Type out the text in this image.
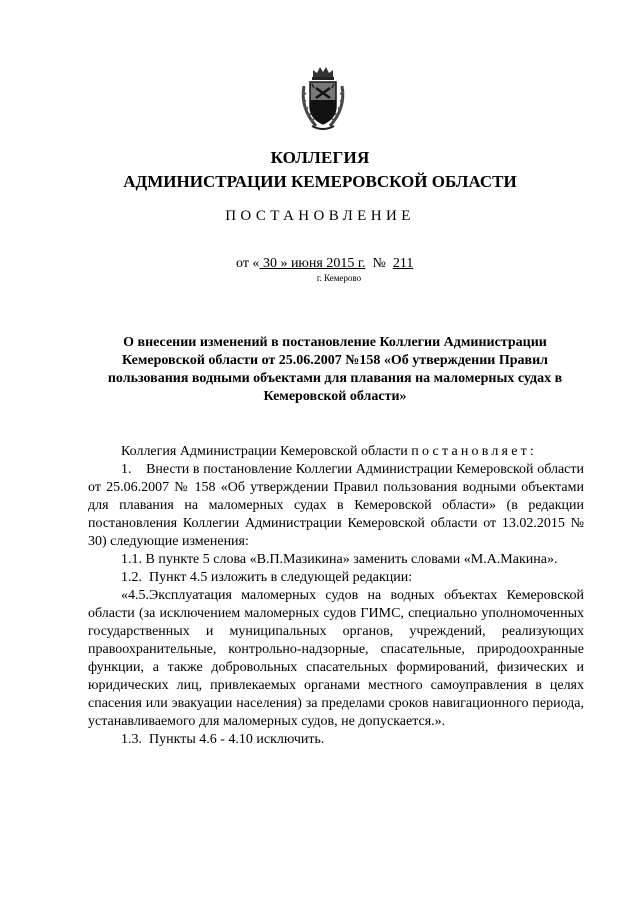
КОЛЛЕГИЯ
АДМИНИСТРАЦИИ КЕМЕРОВСКОЙ ОБЛАСТИ
ПОСТАНОВЛЕНИЕ
от « 30 » июня 2015 г.  №  211
г. Кемерово
О внесении изменений в постановление Коллегии Администрации Кемеровской области от 25.06.2007 №158 «Об утверждении Правил пользования водными объектами для плавания на маломерных судах в Кемеровской области»

Коллегия Администрации Кемеровской области постановляет:

1.    Внести в постановление Коллегии Администрации Кемеровской области от 25.06.2007 № 158 «Об утверждении Правил пользования водными объектами для плавания на маломерных судах в Кемеровской области» (в редакции постановления Коллегии Администрации Кемеровской области от 13.02.2015 № 30) следующие изменения:

1.1. В пункте 5 слова «В.П.Мазикина» заменить словами «М.А.Макина».

1.2.  Пункт 4.5 изложить в следующей редакции:

«4.5.Эксплуатация маломерных судов на водных объектах Кемеровской области (за исключением маломерных судов ГИМС, специально уполномоченных государственных и муниципальных органов, учреждений, реализующих правоохранительные, контрольно-надзорные, спасательные, природоохранные функции, а также добровольных спасательных формирований, физических и юридических лиц, привлекаемых органами местного самоуправления в целях спасения или эвакуации населения) за пределами сроков навигационного периода, устанавливаемого для маломерных судов, не допускается.».

1.3.  Пункты 4.6 - 4.10 исключить.
